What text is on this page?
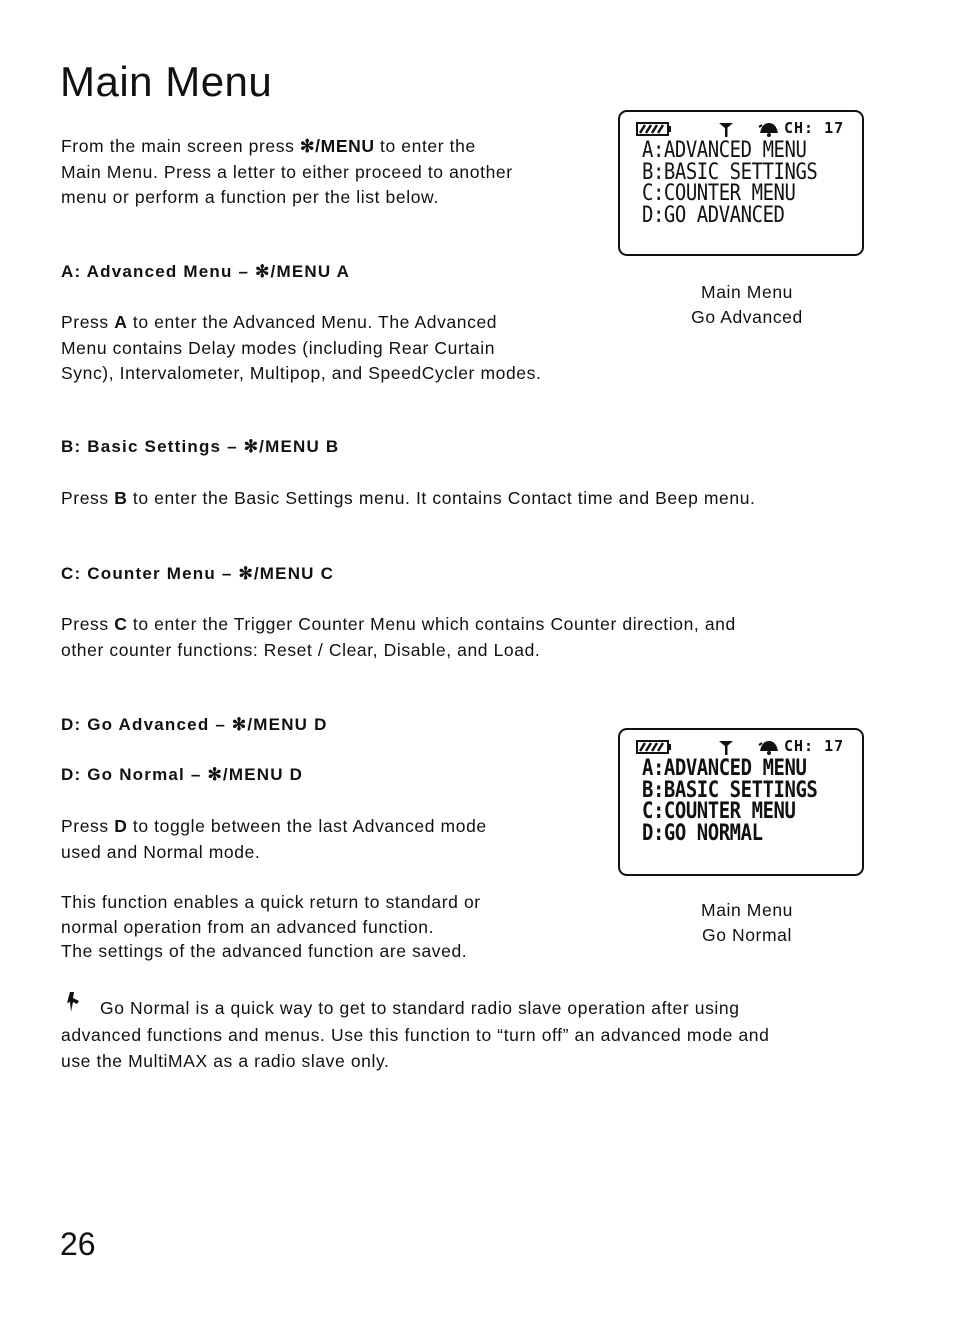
Main Menu
From the main screen press ✻/MENU to enter the
Main Menu. Press a letter to either proceed to another
menu or perform a function per the list below.
CH: 17
A:ADVANCED MENU
B:BASIC SETTINGS
C:COUNTER MENU
D:GO ADVANCED
Main Menu
Go Advanced
A: Advanced Menu – ✻/MENU A
Press A to enter the Advanced Menu. The Advanced
Menu contains Delay modes (including Rear Curtain
Sync), Intervalometer, Multipop, and SpeedCycler modes.
B: Basic Settings – ✻/MENU B
Press B to enter the Basic Settings menu. It contains Contact time and Beep menu.
C: Counter Menu – ✻/MENU C
Press C to enter the Trigger Counter Menu which contains Counter direction, and
other counter functions: Reset / Clear, Disable, and Load.
D: Go Advanced – ✻/MENU D
D: Go Normal – ✻/MENU D
Press D to toggle between the last Advanced mode
used and Normal mode.
This function enables a quick return to standard or
normal operation from an advanced function.
The settings of the advanced function are saved.
CH: 17
A:ADVANCED MENU
B:BASIC SETTINGS
C:COUNTER MENU
D:GO NORMAL
Main Menu
Go Normal
Go Normal is a quick way to get to standard radio slave operation after using
advanced functions and menus. Use this function to “turn off” an advanced mode and
use the MultiMAX as a radio slave only.
26
